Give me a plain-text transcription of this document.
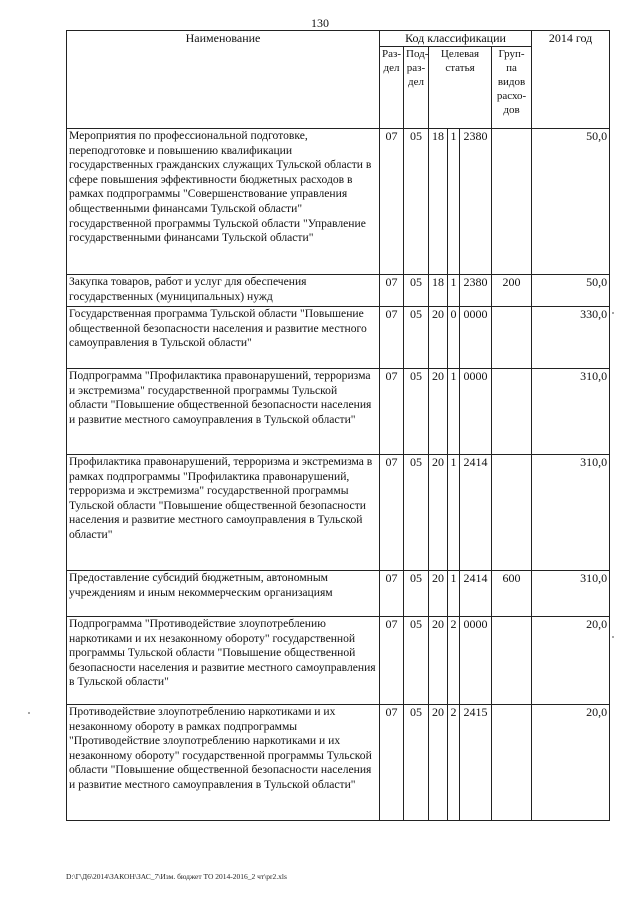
130
Наименование	Код классификации						2014 год
	Раз-дел	Под-раз-дел	Целевая статья			Груп-па видов расхо-дов	
Мероприятия по профессиональной подготовке, переподготовке и повышению квалификации государственных гражданских служащих Тульской области в сфере повышения эффективности бюджетных расходов в рамках подпрограммы "Совершенствование управления общественными финансами Тульской области" государственной программы Тульской области "Управление государственными финансами Тульской области"	07	05	18	1	2380		50,0
Закупка товаров, работ и услуг для обеспечения государственных (муниципальных) нужд	07	05	18	1	2380	200	50,0
Государственная программа Тульской области "Повышение общественной безопасности населения и развитие местного самоуправления в Тульской области"	07	05	20	0	0000		330,0
Подпрограмма "Профилактика правонарушений, терроризма и экстремизма" государственной программы Тульской области "Повышение общественной безопасности населения и развитие местного самоуправления в Тульской области"	07	05	20	1	0000		310,0
Профилактика правонарушений, терроризма и экстремизма в рамках подпрограммы "Профилактика правонарушений, терроризма и экстремизма" государственной программы Тульской области "Повышение общественной безопасности населения и развитие местного самоуправления в Тульской области"	07	05	20	1	2414		310,0
Предоставление субсидий бюджетным, автономным учреждениям и иным некоммерческим организациям	07	05	20	1	2414	600	310,0
Подпрограмма "Противодействие злоупотреблению наркотиками и их незаконному обороту" государственной программы Тульской области "Повышение общественной безопасности населения и развитие местного самоуправления в Тульской области"	07	05	20	2	0000		20,0
Противодействие злоупотреблению наркотиками и их незаконному обороту в рамках подпрограммы "Противодействие злоупотреблению наркотиками и их незаконному обороту" государственной программы Тульской области "Повышение общественной безопасности населения и развитие местного самоуправления в Тульской области"	07	05	20	2	2415		20,0
D:\Г\Д6\2014\ЗАКОН\ЗАС_7\Изм. бюджет ТО 2014-2016_2 чт\pr2.xls
